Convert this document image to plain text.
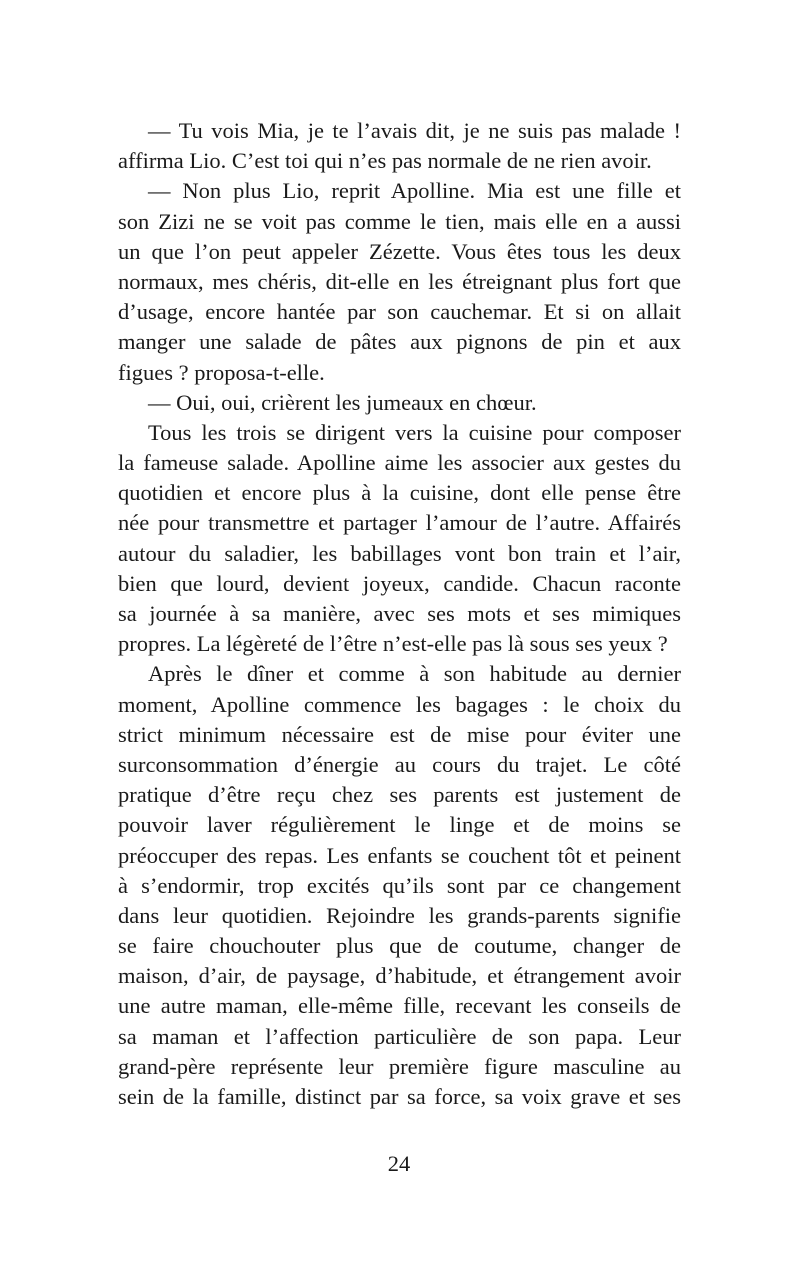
— Tu vois Mia, je te l’avais dit, je ne suis pas malade !
affirma Lio. C’est toi qui n’es pas normale de ne rien avoir.
— Non plus Lio, reprit Apolline. Mia est une fille et
son Zizi ne se voit pas comme le tien, mais elle en a aussi
un que l’on peut appeler Zézette. Vous êtes tous les deux
normaux, mes chéris, dit-elle en les étreignant plus fort que
d’usage, encore hantée par son cauchemar. Et si on allait
manger une salade de pâtes aux pignons de pin et aux
figues ? proposa-t-elle.
— Oui, oui, crièrent les jumeaux en chœur.
Tous les trois se dirigent vers la cuisine pour composer
la fameuse salade. Apolline aime les associer aux gestes du
quotidien et encore plus à la cuisine, dont elle pense être
née pour transmettre et partager l’amour de l’autre. Affairés
autour du saladier, les babillages vont bon train et l’air,
bien que lourd, devient joyeux, candide. Chacun raconte
sa journée à sa manière, avec ses mots et ses mimiques
propres. La légèreté de l’être n’est-elle pas là sous ses yeux ?
Après le dîner et comme à son habitude au dernier
moment, Apolline commence les bagages : le choix du
strict minimum nécessaire est de mise pour éviter une
surconsommation d’énergie au cours du trajet. Le côté
pratique d’être reçu chez ses parents est justement de
pouvoir laver régulièrement le linge et de moins se
préoccuper des repas. Les enfants se couchent tôt et peinent
à s’endormir, trop excités qu’ils sont par ce changement
dans leur quotidien. Rejoindre les grands-parents signifie
se faire chouchouter plus que de coutume, changer de
maison, d’air, de paysage, d’habitude, et étrangement avoir
une autre maman, elle-même fille, recevant les conseils de
sa maman et l’affection particulière de son papa. Leur
grand-père représente leur première figure masculine au
sein de la famille, distinct par sa force, sa voix grave et ses
24
